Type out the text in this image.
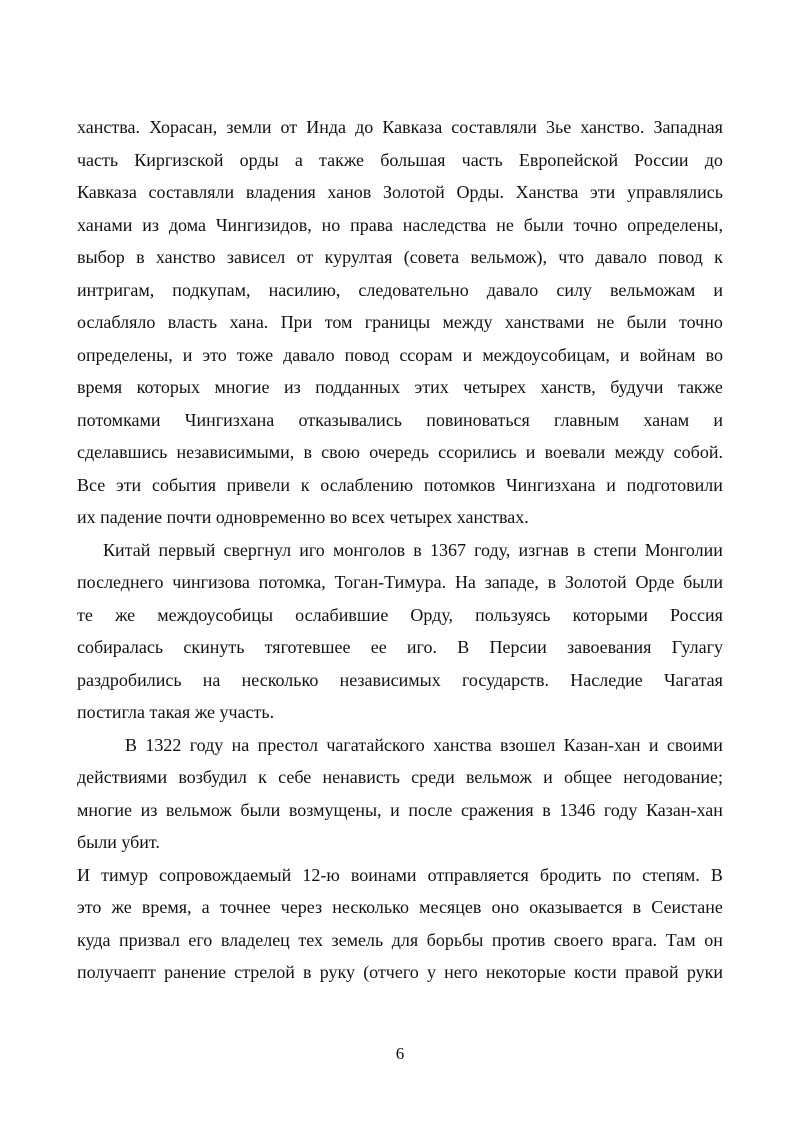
ханства. Хорасан, земли от Инда до Кавказа составляли 3ье ханство. Западная
часть Киргизской орды а также большая часть Европейской России до
Кавказа составляли владения ханов Золотой Орды. Ханства эти управлялись
ханами из дома Чингизидов, но права наследства не были точно определены,
выбор в ханство зависел от курултая (совета вельмож), что давало повод к
интригам, подкупам, насилию, следовательно давало силу вельможам и
ослабляло власть хана. При том границы между ханствами не были точно
определены, и это тоже давало повод ссорам и междоусобицам, и войнам во
время которых многие из подданных этих четырех ханств, будучи также
потомками Чингизхана отказывались повиноваться главным ханам и
сделавшись независимыми, в свою очередь ссорились и воевали между собой.
Все эти события привели к ослаблению потомков Чингизхана и подготовили
их падение почти одновременно во всех четырех ханствах.
Китай первый свергнул иго монголов в 1367 году, изгнав в степи Монголии
последнего чингизова потомка, Тоган-Тимура. На западе, в Золотой Орде были
те же междоусобицы ослабившие Орду, пользуясь которыми Россия
собиралась скинуть тяготевшее ее иго. В Персии завоевания Гулагу
раздробились на несколько независимых государств. Наследие Чагатая
постигла такая же участь.
В 1322 году на престол чагатайского ханства взошел Казан-хан и своими
действиями возбудил к себе ненависть среди вельмож и общее негодование;
многие из вельмож были возмущены, и после сражения в 1346 году Казан-хан
были убит.
И тимур сопровождаемый 12-ю воинами отправляется бродить по степям. В
это же время, а точнее через несколько месяцев оно оказывается в Сеистане
куда призвал его владелец тех земель для борьбы против своего врага. Там он
получаепт ранение стрелой в руку (отчего у него некоторые кости правой руки
6
